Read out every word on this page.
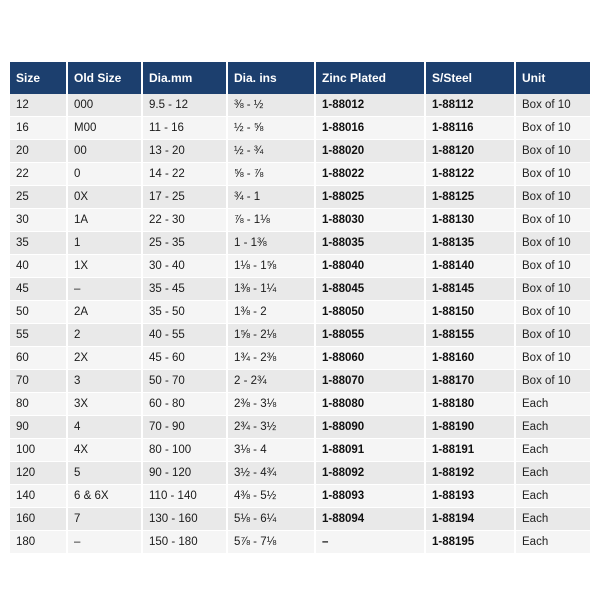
Size	Old Size	Dia.mm	Dia. ins	Zinc Plated	S/Steel	Unit
12	000	9.5 - 12	⅜ - ½	1-88012	1-88112	Box of 10
16	M00	11 - 16	½ - ⅝	1-88016	1-88116	Box of 10
20	00	13 - 20	½ - ¾	1-88020	1-88120	Box of 10
22	0	14 - 22	⅝ - ⅞	1-88022	1-88122	Box of 10
25	0X	17 - 25	¾ - 1	1-88025	1-88125	Box of 10
30	1A	22 - 30	⅞ - 1⅛	1-88030	1-88130	Box of 10
35	1	25 - 35	1 - 1⅜	1-88035	1-88135	Box of 10
40	1X	30 - 40	1⅛ - 1⅝	1-88040	1-88140	Box of 10
45	–	35 - 45	1⅜ - 1¼	1-88045	1-88145	Box of 10
50	2A	35 - 50	1⅜ - 2	1-88050	1-88150	Box of 10
55	2	40 - 55	1⅝ - 2⅛	1-88055	1-88155	Box of 10
60	2X	45 - 60	1¾ - 2⅜	1-88060	1-88160	Box of 10
70	3	50 - 70	2 - 2¾	1-88070	1-88170	Box of 10
80	3X	60 - 80	2⅜ - 3⅛	1-88080	1-88180	Each
90	4	70 - 90	2¾ - 3½	1-88090	1-88190	Each
100	4X	80 - 100	3⅛ - 4	1-88091	1-88191	Each
120	5	90 - 120	3½ - 4¾	1-88092	1-88192	Each
140	6 & 6X	110 - 140	4⅜ - 5½	1-88093	1-88193	Each
160	7	130 - 160	5⅛ - 6¼	1-88094	1-88194	Each
180	–	150 - 180	5⅞ - 7⅛	–	1-88195	Each
